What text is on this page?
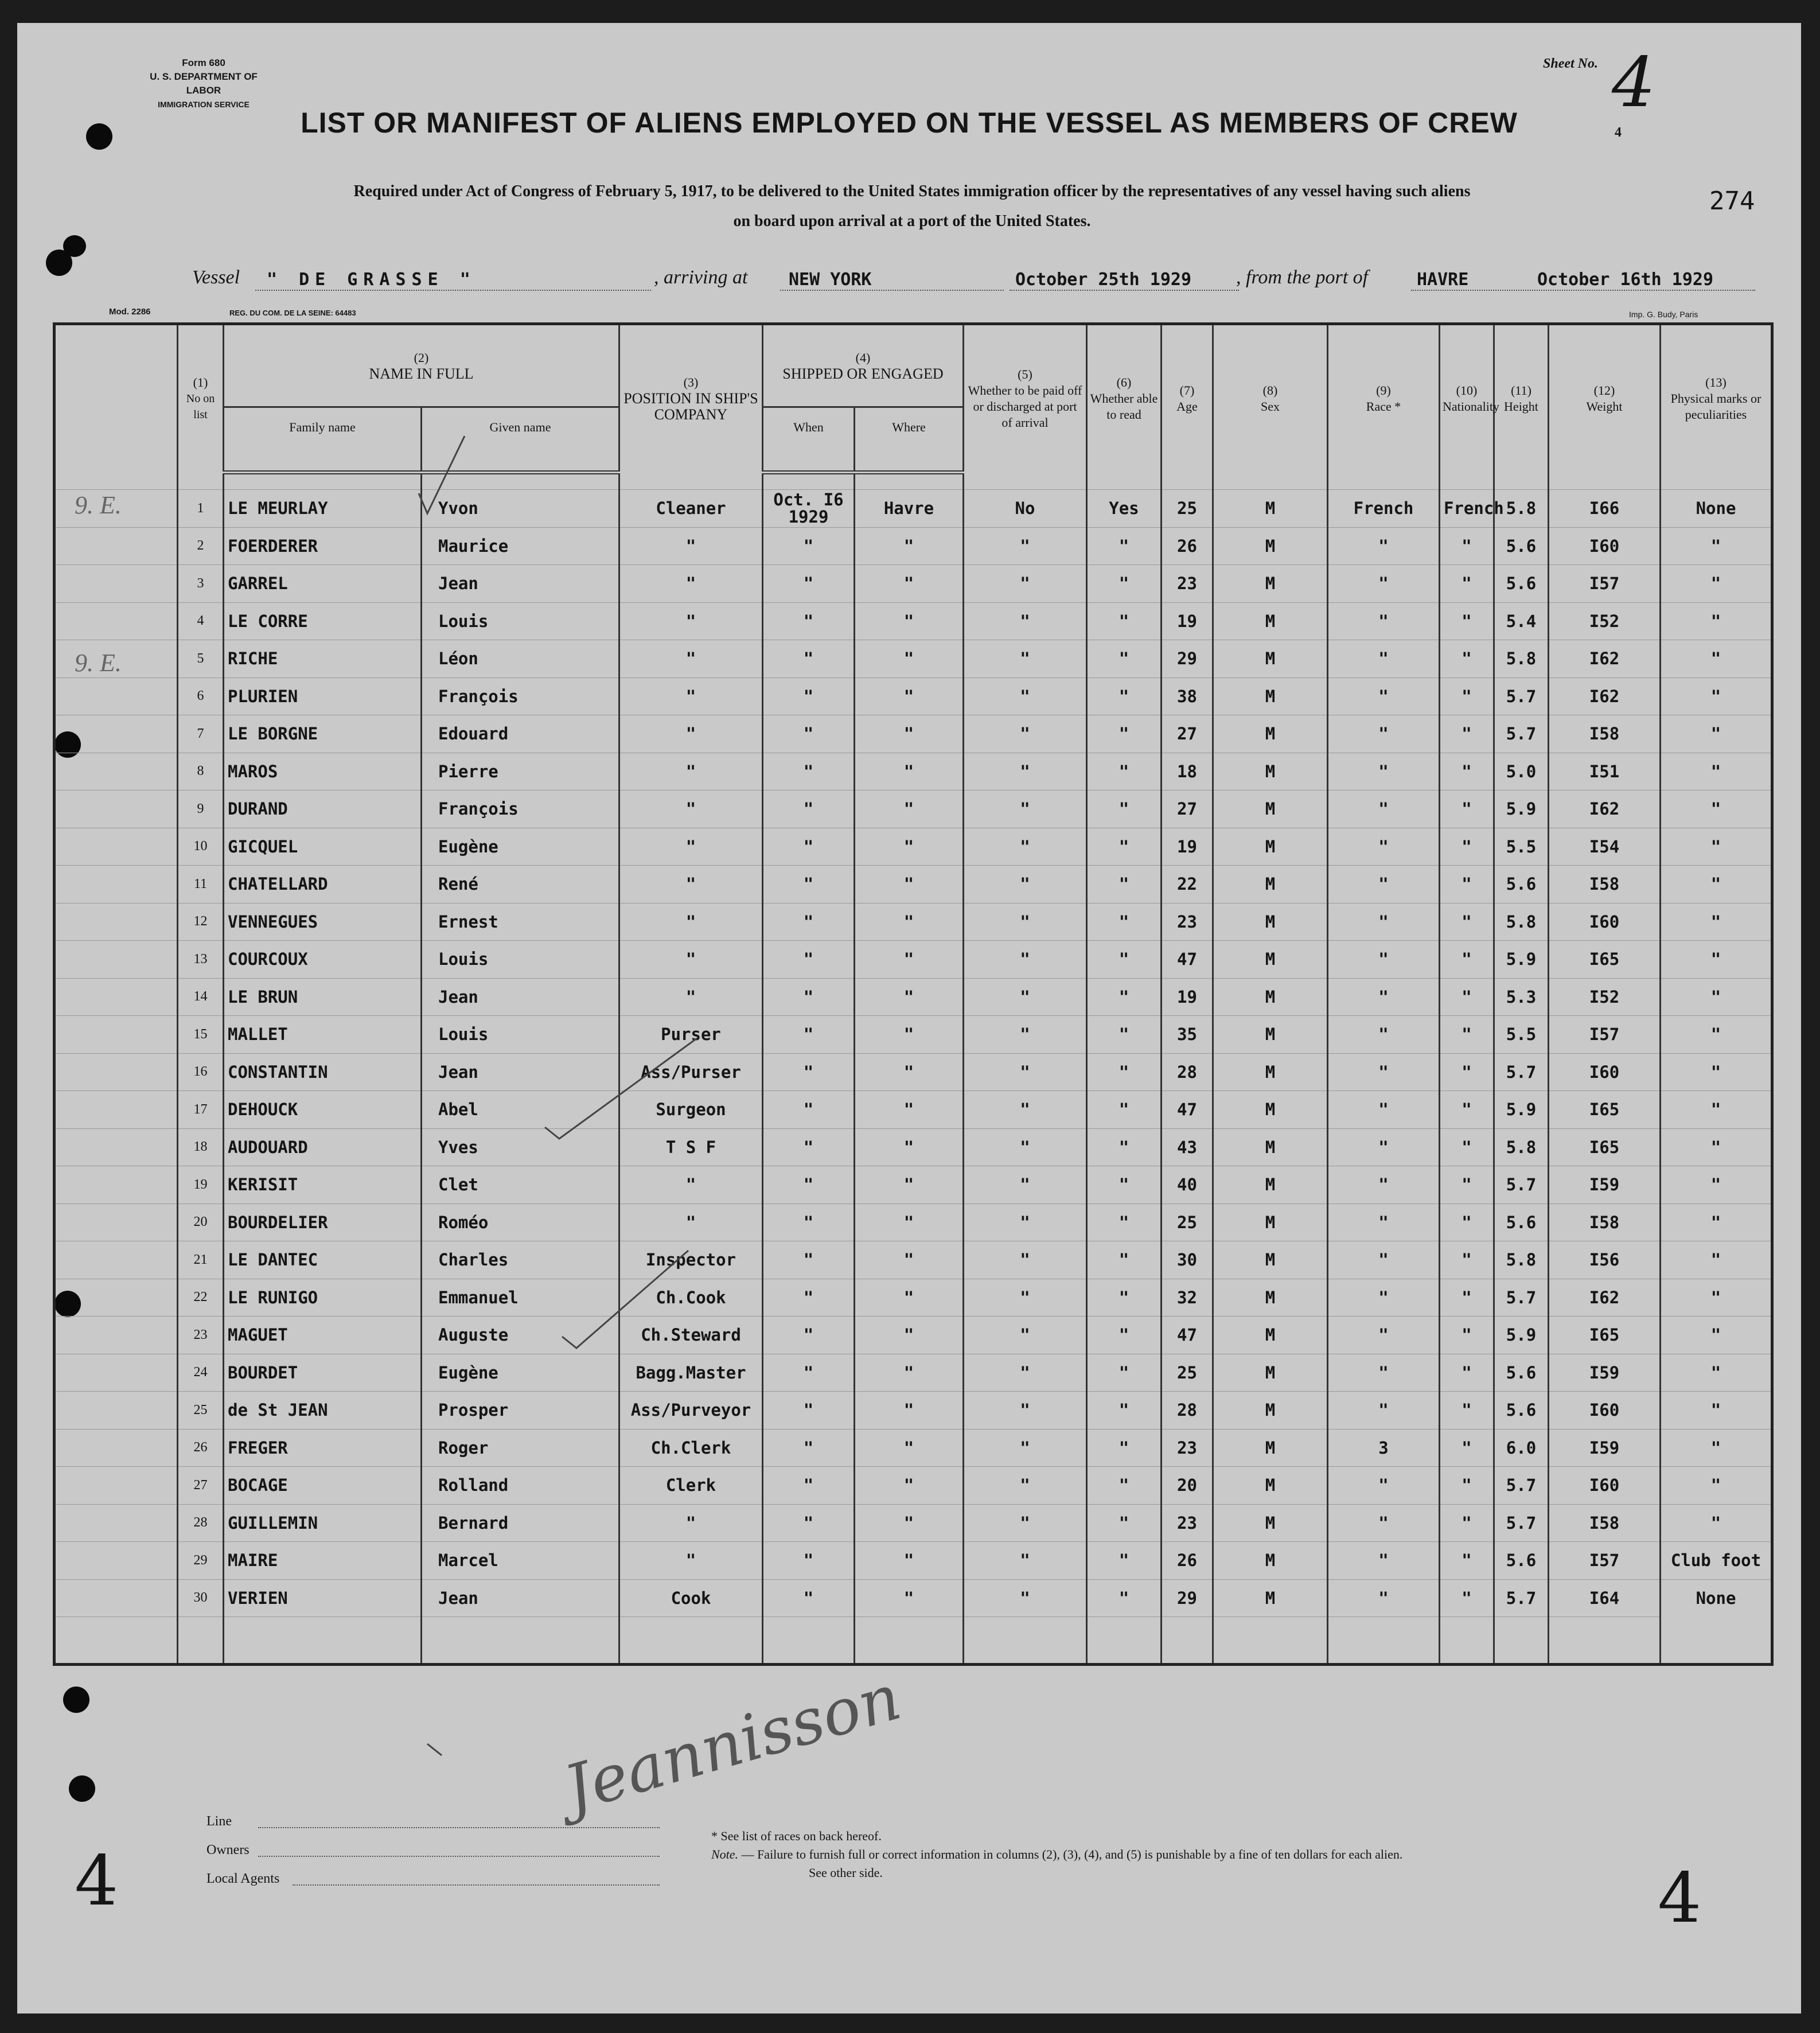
Form 680
U. S. DEPARTMENT OF LABOR
IMMIGRATION SERVICE
Sheet No. 4
LIST OR MANIFEST OF ALIENS EMPLOYED ON THE VESSEL AS MEMBERS OF CREW	4
Required under Act of Congress of February 5, 1917, to be delivered to the United States immigration officer by the representatives of any vessel having such aliens
on board upon arrival at a port of the United States.
274
Vessel " DE GRASSE "	, arriving at NEW YORK	October 25th 1929 , from the port of	HAVRE	October 16th 1929
Mod. 2286	REG. DU COM. DE LA SEINE: 64483	Imp. G. Budy, Paris

	(1)
No on list	(2)
NAME IN FULL		(3)
POSITION IN SHIP'S COMPANY	(4)
SHIPPED OR ENGAGED		(5)
Whether to be paid off or discharged at port of arrival	(6)
Whether able to read	(7)
Age	(8)
Sex	(9)
Race *	(10)
Nationality	(11)
Height	(12)
Weight	(13)
Physical marks or peculiarities
		Family name	Given name		When	Where									

	1	LE MEURLAY	Yvon	Cleaner	Oct. I6 1929	Havre	No	Yes	25	M	French	French	5.8	I66	None
	2	FOERDERER	Maurice	"	"	"	"	"	26	M	"	"	5.6	I60	"
	3	GARREL	Jean	"	"	"	"	"	23	M	"	"	5.6	I57	"
	4	LE CORRE	Louis	"	"	"	"	"	19	M	"	"	5.4	I52	"
	5	RICHE	Léon	"	"	"	"	"	29	M	"	"	5.8	I62	"
	6	PLURIEN	François	"	"	"	"	"	38	M	"	"	5.7	I62	"
	7	LE BORGNE	Edouard	"	"	"	"	"	27	M	"	"	5.7	I58	"
	8	MAROS	Pierre	"	"	"	"	"	18	M	"	"	5.0	I51	"
	9	DURAND	François	"	"	"	"	"	27	M	"	"	5.9	I62	"
	10	GICQUEL	Eugène	"	"	"	"	"	19	M	"	"	5.5	I54	"
	11	CHATELLARD	René	"	"	"	"	"	22	M	"	"	5.6	I58	"
	12	VENNEGUES	Ernest	"	"	"	"	"	23	M	"	"	5.8	I60	"
	13	COURCOUX	Louis	"	"	"	"	"	47	M	"	"	5.9	I65	"
	14	LE BRUN	Jean	"	"	"	"	"	19	M	"	"	5.3	I52	"
	15	MALLET	Louis	Purser	"	"	"	"	35	M	"	"	5.5	I57	"
	16	CONSTANTIN	Jean	Ass/Purser	"	"	"	"	28	M	"	"	5.7	I60	"
	17	DEHOUCK	Abel	Surgeon	"	"	"	"	47	M	"	"	5.9	I65	"
	18	AUDOUARD	Yves	T S F	"	"	"	"	43	M	"	"	5.8	I65	"
	19	KERISIT	Clet	"	"	"	"	"	40	M	"	"	5.7	I59	"
	20	BOURDELIER	Roméo	"	"	"	"	"	25	M	"	"	5.6	I58	"
	21	LE DANTEC	Charles	Inspector	"	"	"	"	30	M	"	"	5.8	I56	"
	22	LE RUNIGO	Emmanuel	Ch.Cook	"	"	"	"	32	M	"	"	5.7	I62	"
	23	MAGUET	Auguste	Ch.Steward	"	"	"	"	47	M	"	"	5.9	I65	"
	24	BOURDET	Eugène	Bagg.Master	"	"	"	"	25	M	"	"	5.6	I59	"
	25	de St JEAN	Prosper	Ass/Purveyor	"	"	"	"	28	M	"	"	5.6	I60	"
	26	FREGER	Roger	Ch.Clerk	"	"	"	"	23	M	3	"	6.0	I59	"
	27	BOCAGE	Rolland	Clerk	"	"	"	"	20	M	"	"	5.7	I60	"
	28	GUILLEMIN	Bernard	"	"	"	"	"	23	M	"	"	5.7	I58	"
	29	MAIRE	Marcel	"	"	"	"	"	26	M	"	"	5.6	I57	Club foot
	30	VERIEN	Jean	Cook	"	"	"	"	29	M	"	"	5.7	I64	None

9. E.
9. E.
Line
Owners
Local Agents
Jeannisson
* See list of races on back hereof.
Note. — Failure to furnish full or correct information in columns (2), (3), (4), and (5) is punishable by a fine of ten dollars for each alien.
See other side.
4	4
